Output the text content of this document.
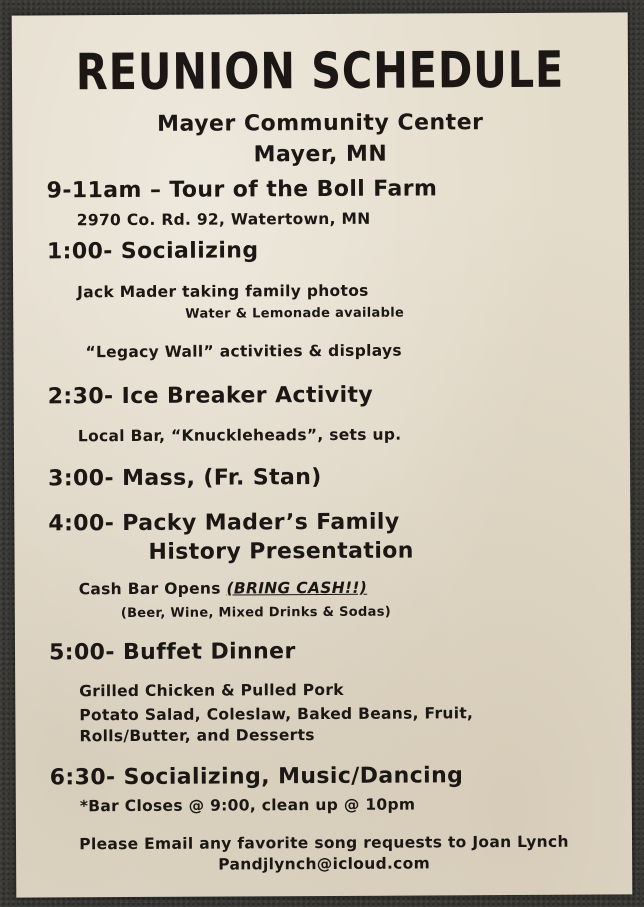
REUNION SCHEDULE
Mayer Community Center
Mayer, MN
9-11am – Tour of the Boll Farm
2970 Co. Rd. 92, Watertown, MN
1:00- Socializing
Jack Mader taking family photos
Water & Lemonade available
“Legacy Wall” activities & displays
2:30- Ice Breaker Activity
Local Bar, “Knuckleheads”, sets up.
3:00- Mass, (Fr. Stan)
4:00- Packy Mader’s Family
History Presentation
Cash Bar Opens (BRING CASH!!)
(Beer, Wine, Mixed Drinks & Sodas)
5:00- Buffet Dinner
Grilled Chicken & Pulled Pork
Potato Salad, Coleslaw, Baked Beans, Fruit,
Rolls/Butter, and Desserts
6:30- Socializing, Music/Dancing
*Bar Closes @ 9:00, clean up @ 10pm
Please Email any favorite song requests to Joan Lynch
Pandjlynch@icloud.com
